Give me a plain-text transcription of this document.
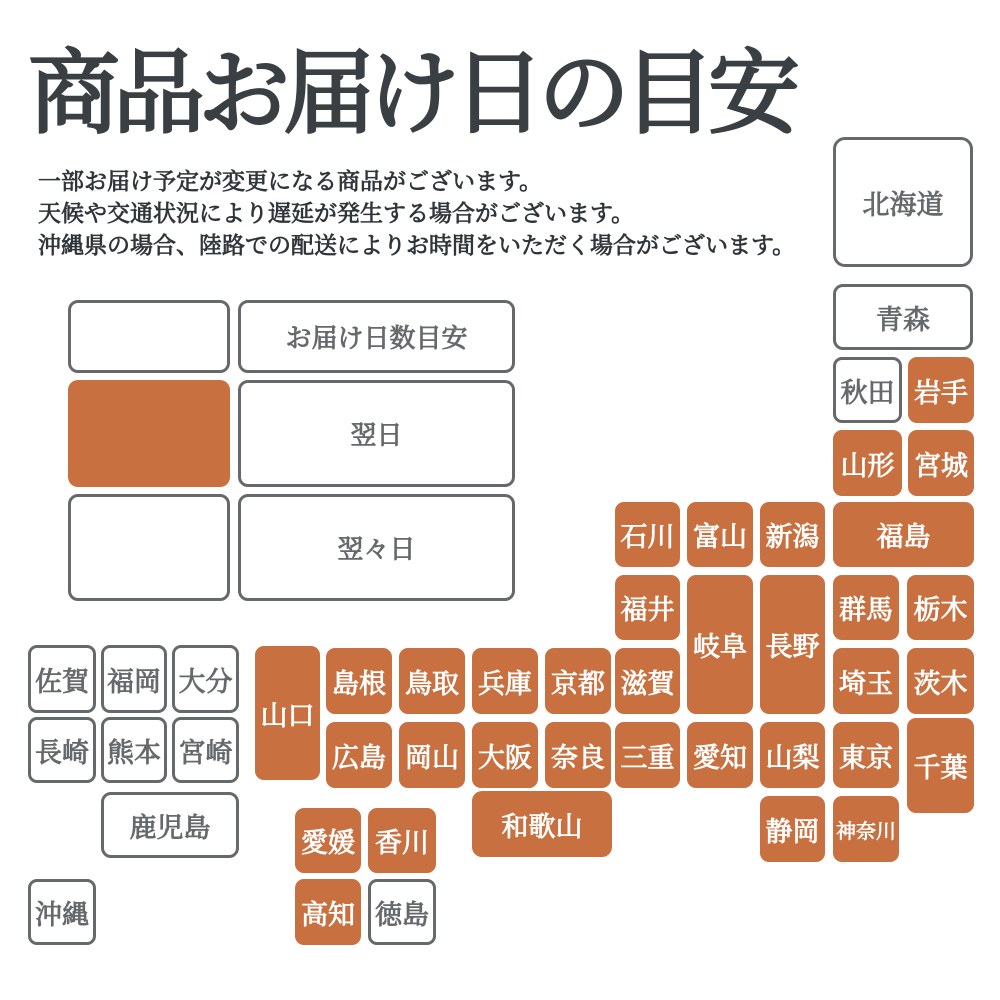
商品お届け日の目安

一部お届け予定が変更になる商品がございます。

天候や交通状況により遅延が発生する場合がございます。

沖縄県の場合、陸路での配送によりお時間をいただく場合がございます。

お届け日数目安
翌日
翌々日
北海道
青森
秋田 岩手
山形 宮城
石川 富山 新潟	福島
福井
岐阜 長野
群馬 栃木
滋賀	埼玉 茨木
三重 愛知 山梨 東京 千葉
静岡 神奈川
佐賀 福岡 大分
長崎 熊本 宮崎
鹿児島
沖縄
山口
島根 鳥取 兵庫 京都
広島 岡山 大阪 奈良
和歌山
愛媛 香川
高知 徳島
